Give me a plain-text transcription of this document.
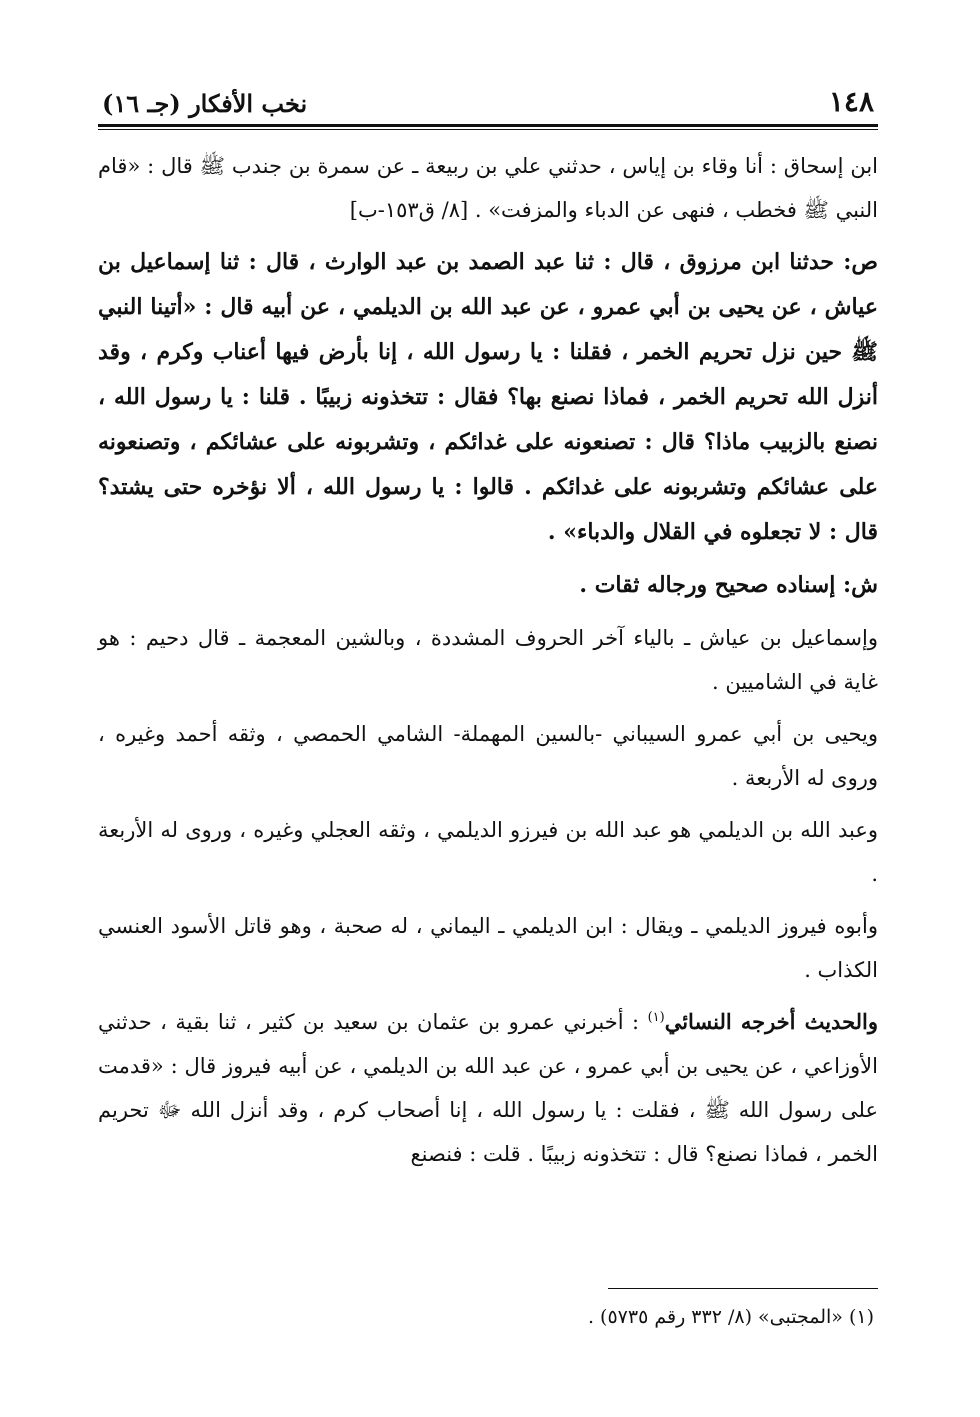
١٤٨
نخب الأفكار (جـ ١٦)

ابن إسحاق : أنا وقاء بن إياس ، حدثني علي بن ربيعة ـ عن سمرة بن جندب ﷺ قال : «قام النبي ﷺ فخطب ، فنهى عن الدباء والمزفت» . [٨/ ق١٥٣-ب]

ص: حدثنا ابن مرزوق ، قال : ثنا عبد الصمد بن عبد الوارث ، قال : ثنا إسماعيل بن عياش ، عن يحيى بن أبي عمرو ، عن عبد الله بن الديلمي ، عن أبيه قال : «أتينا النبي ﷺ حين نزل تحريم الخمر ، فقلنا : يا رسول الله ، إنا بأرض فيها أعناب وكرم ، وقد أنزل الله تحريم الخمر ، فماذا نصنع بها؟ فقال : تتخذونه زبيبًا . قلنا : يا رسول الله ، نصنع بالزبيب ماذا؟ قال : تصنعونه على غدائكم ، وتشربونه على عشائكم ، وتصنعونه على عشائكم وتشربونه على غدائكم . قالوا : يا رسول الله ، ألا نؤخره حتى يشتد؟ قال : لا تجعلوه في القلال والدباء» .

ش: إسناده صحيح ورجاله ثقات .

وإسماعيل بن عياش ـ بالياء آخر الحروف المشددة ، وبالشين المعجمة ـ قال دحيم : هو غاية في الشاميين .

ويحيى بن أبي عمرو السيباني -بالسين المهملة- الشامي الحمصي ، وثقه أحمد وغيره ، وروى له الأربعة .

وعبد الله بن الديلمي هو عبد الله بن فيرزو الديلمي ، وثقه العجلي وغيره ، وروى له الأربعة .

وأبوه فيروز الديلمي ـ ويقال : ابن الديلمي ـ اليماني ، له صحبة ، وهو قاتل الأسود العنسي الكذاب .

والحديث أخرجه النسائي$^{(١)}$ : أخبرني عمرو بن عثمان بن سعيد بن كثير ، ثنا بقية ، حدثني الأوزاعي ، عن يحيى بن أبي عمرو ، عن عبد الله بن الديلمي ، عن أبيه فيروز قال : «قدمت على رسول الله ﷺ ، فقلت : يا رسول الله ، إنا أصحاب كرم ، وقد أنزل الله ﷻ تحريم الخمر ، فماذا نصنع؟ قال : تتخذونه زبيبًا . قلت : فنصنع

(١) «المجتبى» (٨/ ٣٣٢ رقم ٥٧٣٥) .
